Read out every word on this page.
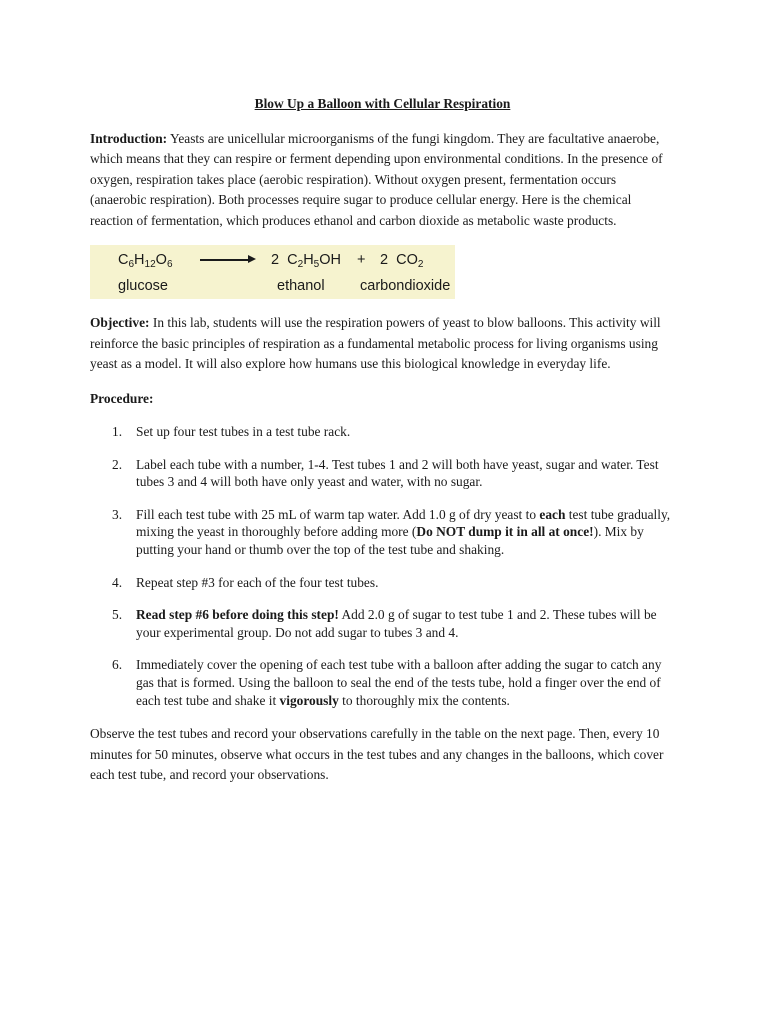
Blow Up a Balloon with Cellular Respiration

Introduction: Yeasts are unicellular microorganisms of the fungi kingdom. They are facultative anaerobe, which means that they can respire or ferment depending upon environmental conditions. In the presence of oxygen, respiration takes place (aerobic respiration). Without oxygen present, fermentation occurs (anaerobic respiration). Both processes require sugar to produce cellular energy. Here is the chemical reaction of fermentation, which produces ethanol and carbon dioxide as metabolic waste products.

$C_6H_{12}O_6$	2 $C_2H_5OH + 2$ $CO_2$
glucose	ethanol carbondioxide

Objective: In this lab, students will use the respiration powers of yeast to blow balloons. This activity will reinforce the basic principles of respiration as a fundamental metabolic process for living organisms using yeast as a model. It will also explore how humans use this biological knowledge in everyday life.

Procedure:

1. Set up four test tubes in a test tube rack.
2. Label each tube with a number, 1-4. Test tubes 1 and 2 will both have yeast, sugar and water. Test tubes 3 and 4 will both have only yeast and water, with no sugar.
3. Fill each test tube with 25 mL of warm tap water. Add 1.0 g of dry yeast to each test tube gradually, mixing the yeast in thoroughly before adding more (Do NOT dump it in all at once!). Mix by putting your hand or thumb over the top of the test tube and shaking.
4. Repeat step #3 for each of the four test tubes.
5. Read step #6 before doing this step! Add 2.0 g of sugar to test tube 1 and 2. These tubes will be your experimental group. Do not add sugar to tubes 3 and 4.
6. Immediately cover the opening of each test tube with a balloon after adding the sugar to catch any gas that is formed. Using the balloon to seal the end of the tests tube, hold a finger over the end of each test tube and shake it vigorously to thoroughly mix the contents.

Observe the test tubes and record your observations carefully in the table on the next page. Then, every 10 minutes for 50 minutes, observe what occurs in the test tubes and any changes in the balloons, which cover each test tube, and record your observations.
